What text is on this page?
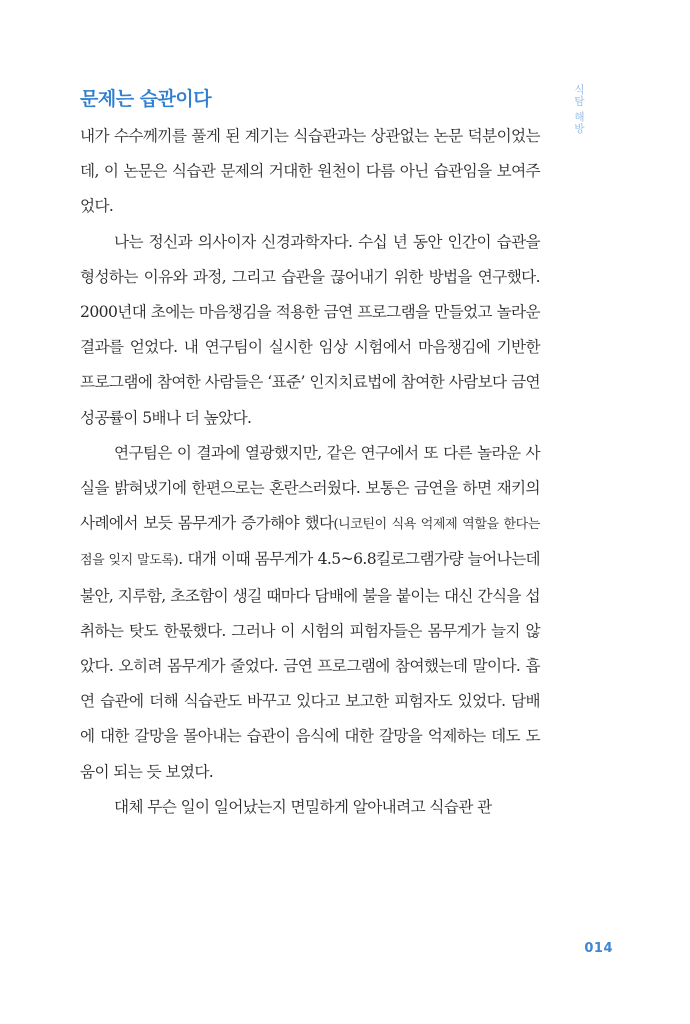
문제는 습관이다	식탐 해방

내가 수수께끼를 풀게 된 계기는 식습관과는 상관없는 논문 덕분이었는데, 이 논문은 식습관 문제의 거대한 원천이 다름 아닌 습관임을 보여주었다.

나는 정신과 의사이자 신경과학자다. 수십 년 동안 인간이 습관을 형성하는 이유와 과정, 그리고 습관을 끊어내기 위한 방법을 연구했다. 2000년대 초에는 마음챙김을 적용한 금연 프로그램을 만들었고 놀라운 결과를 얻었다. 내 연구팀이 실시한 임상 시험에서 마음챙김에 기반한 프로그램에 참여한 사람들은 ‘표준’ 인지치료법에 참여한 사람보다 금연 성공률이 5배나 더 높았다.

연구팀은 이 결과에 열광했지만, 같은 연구에서 또 다른 놀라운 사실을 밝혀냈기에 한편으로는 혼란스러웠다. 보통은 금연을 하면 재키의 사례에서 보듯 몸무게가 증가해야 했다(니코틴이 식욕 억제제 역할을 한다는 점을 잊지 말도록). 대개 이때 몸무게가 4.5~6.8킬로그램가량 늘어나는데 불안, 지루함, 초조함이 생길 때마다 담배에 불을 붙이는 대신 간식을 섭취하는 탓도 한몫했다. 그러나 이 시험의 피험자들은 몸무게가 늘지 않았다. 오히려 몸무게가 줄었다. 금연 프로그램에 참여했는데 말이다. 흡연 습관에 더해 식습관도 바꾸고 있다고 보고한 피험자도 있었다. 담배에 대한 갈망을 몰아내는 습관이 음식에 대한 갈망을 억제하는 데도 도움이 되는 듯 보였다.

대체 무슨 일이 일어났는지 면밀하게 알아내려고 식습관 관

014
